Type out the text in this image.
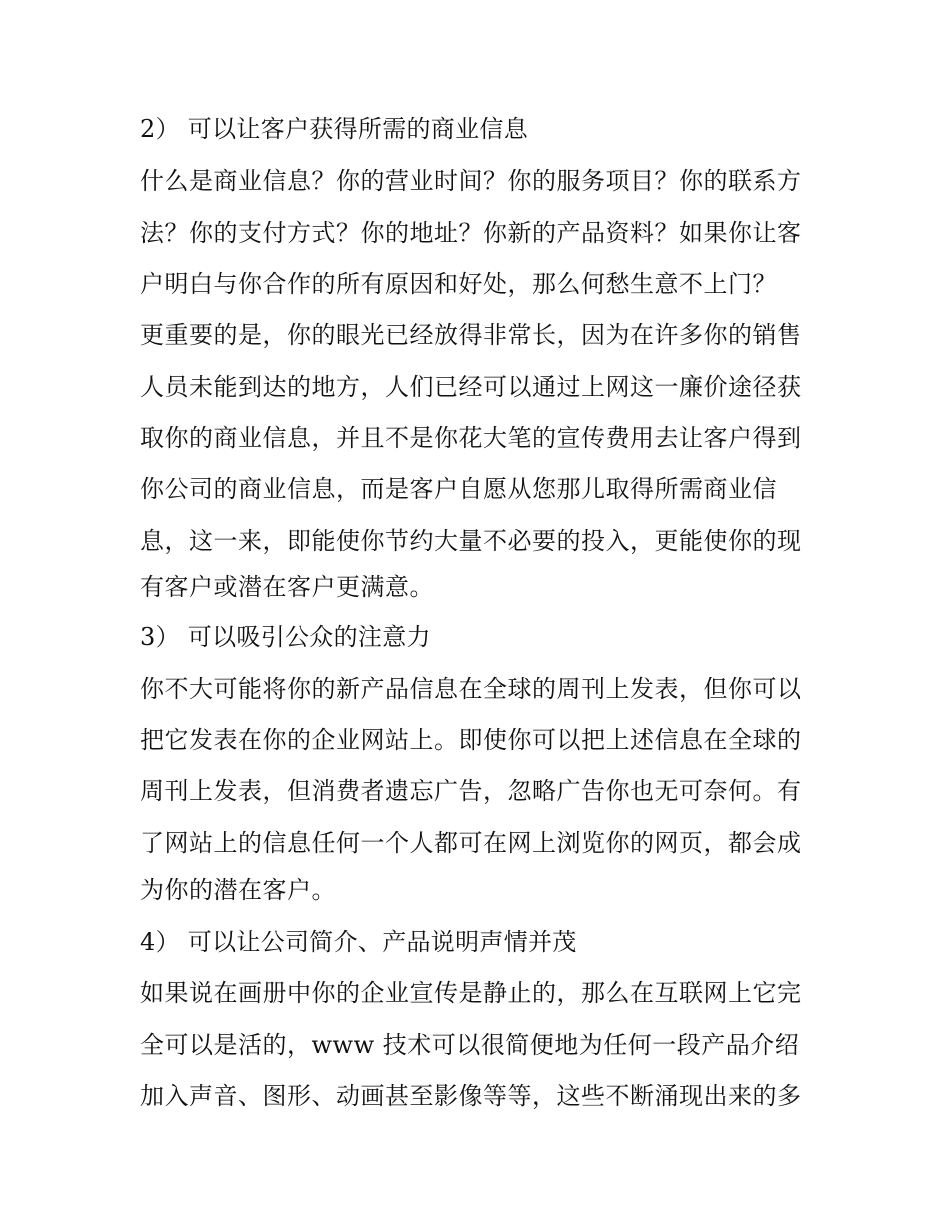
2） 可以让客户获得所需的商业信息
什么是商业信息？你的营业时间？你的服务项目？你的联系方
法？你的支付方式？你的地址？你新的产品资料？如果你让客
户明白与你合作的所有原因和好处，那么何愁生意不上门？
更重要的是，你的眼光已经放得非常长，因为在许多你的销售
人员未能到达的地方，人们已经可以通过上网这一廉价途径获
取你的商业信息，并且不是你花大笔的宣传费用去让客户得到
你公司的商业信息，而是客户自愿从您那儿取得所需商业信
息，这一来，即能使你节约大量不必要的投入，更能使你的现
有客户或潜在客户更满意。
3） 可以吸引公众的注意力
你不大可能将你的新产品信息在全球的周刊上发表，但你可以
把它发表在你的企业网站上。即使你可以把上述信息在全球的
周刊上发表，但消费者遗忘广告，忽略广告你也无可奈何。有
了网站上的信息任何一个人都可在网上浏览你的网页，都会成
为你的潜在客户。
4） 可以让公司简介、产品说明声情并茂
如果说在画册中你的企业宣传是静止的，那么在互联网上它完
全可以是活的，www 技术可以很简便地为任何一段产品介绍
加入声音、图形、动画甚至影像等等，这些不断涌现出来的多
